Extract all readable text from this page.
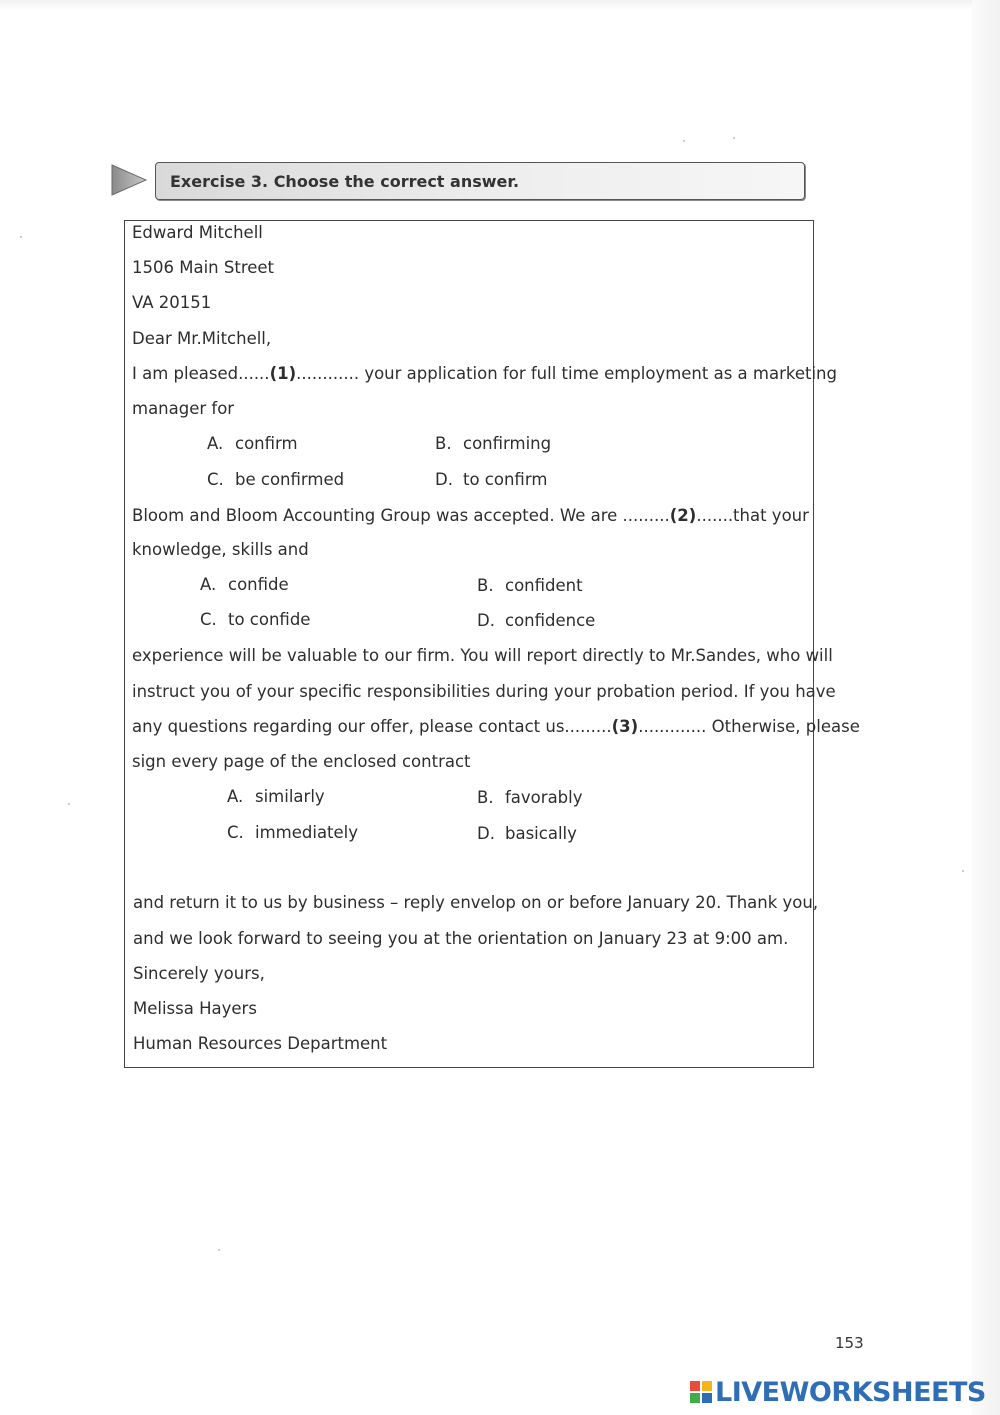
Exercise 3. Choose the correct answer.
Edward Mitchell
1506 Main Street
VA 20151
Dear Mr.Mitchell,
I am pleased......(1)............ your application for full time employment as a marketing
manager for
A. confirm	B. confirming
C. be confirmed	D. to confirm
Bloom and Bloom Accounting Group was accepted. We are .........(2).......that your
knowledge, skills and
A. confide	B. confident
C. to confide	D. confidence
experience will be valuable to our firm. You will report directly to Mr.Sandes, who will
instruct you of your specific responsibilities during your probation period. If you have
any questions regarding our offer, please contact us.........(3)............. Otherwise, please
sign every page of the enclosed contract
A. similarly	B. favorably
C. immediately	D. basically
and return it to us by business – reply envelop on or before January 20. Thank you,
and we look forward to seeing you at the orientation on January 23 at 9:00 am.
Sincerely yours,
Melissa Hayers
Human Resources Department
153
LIVEWORKSHEETS
